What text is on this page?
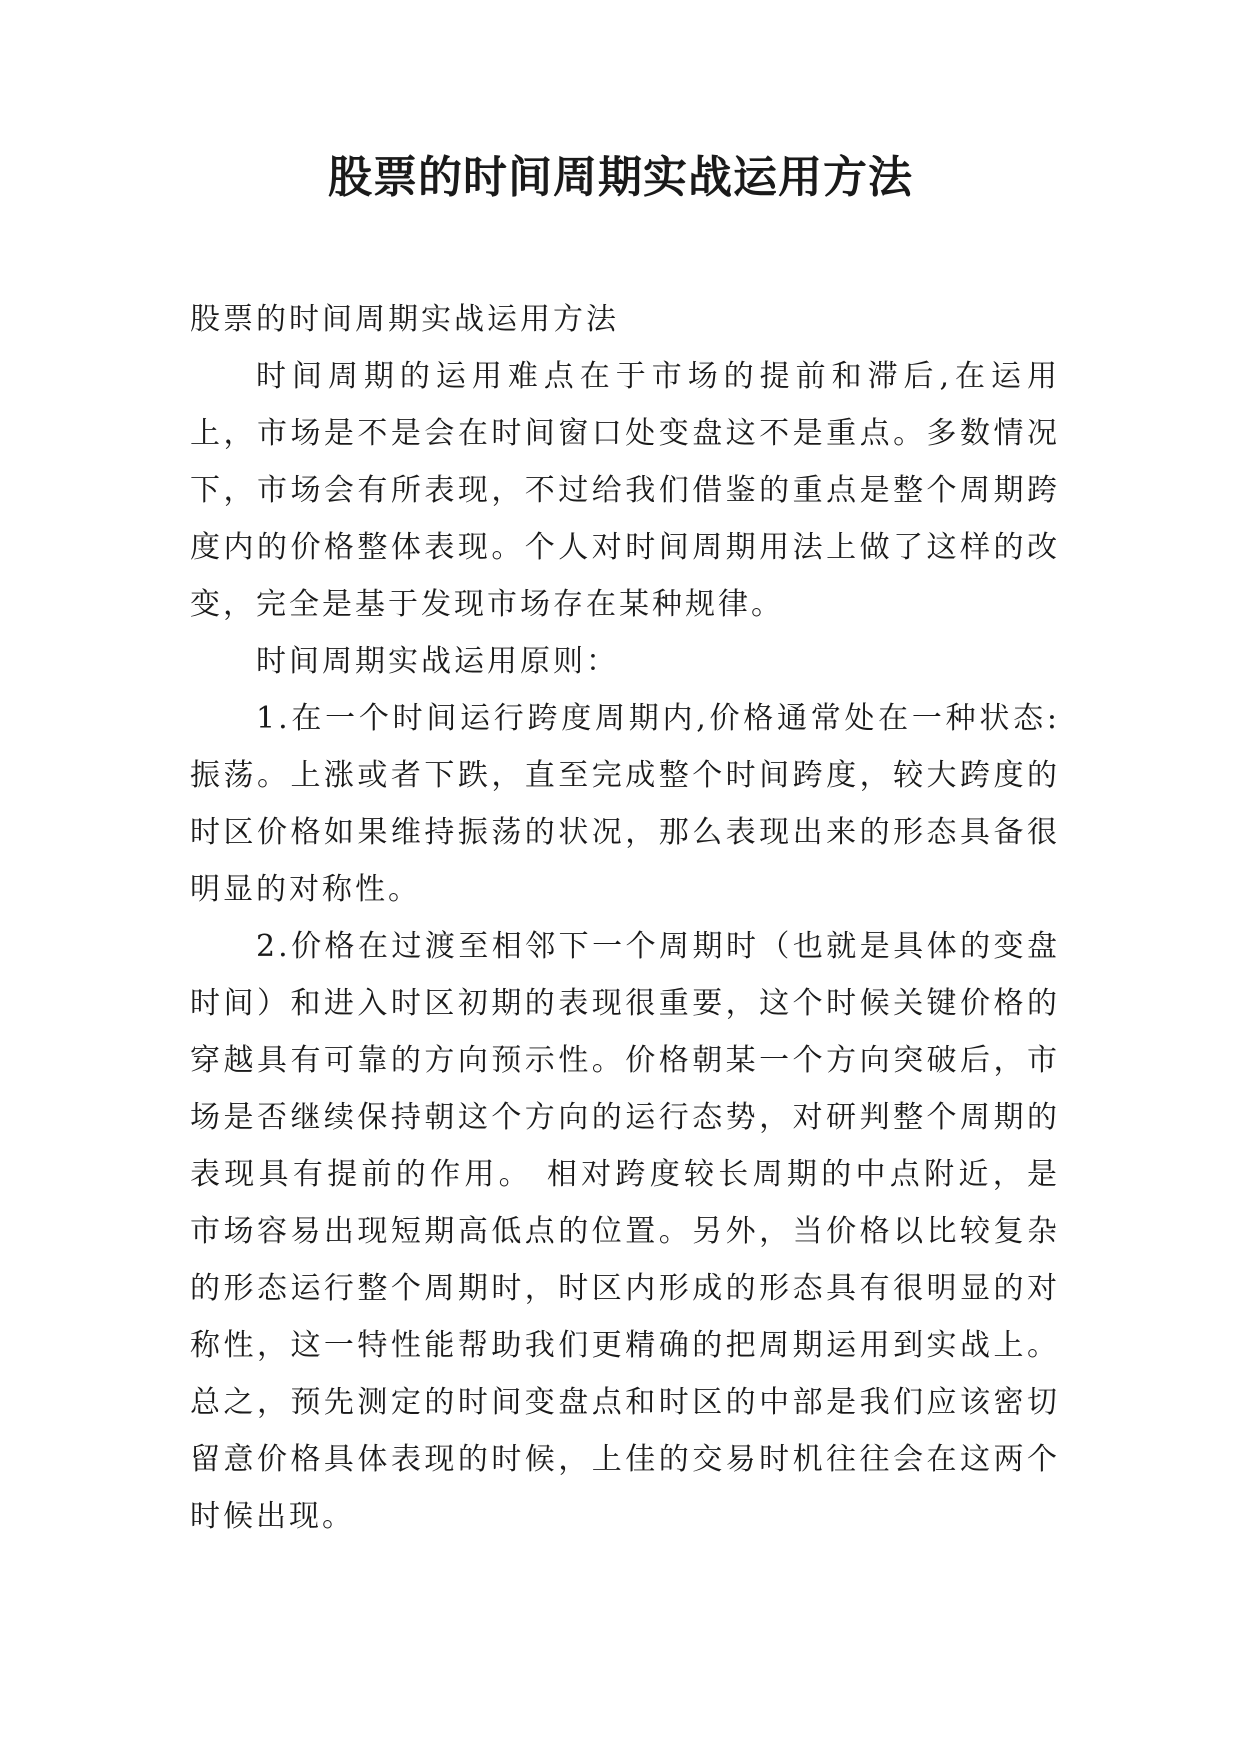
股票的时间周期实战运用方法

股票的时间周期实战运用方法

时间周期的运用难点在于市场的提前和滞后,在运用上，市场是不是会在时间窗口处变盘这不是重点。多数情况下，市场会有所表现，不过给我们借鉴的重点是整个周期跨度内的价格整体表现。个人对时间周期用法上做了这样的改变，完全是基于发现市场存在某种规律。

时间周期实战运用原则：

1.在一个时间运行跨度周期内,价格通常处在一种状态:振荡。上涨或者下跌，直至完成整个时间跨度，较大跨度的时区价格如果维持振荡的状况，那么表现出来的形态具备很明显的对称性。

2.价格在过渡至相邻下一个周期时（也就是具体的变盘时间）和进入时区初期的表现很重要，这个时候关键价格的穿越具有可靠的方向预示性。价格朝某一个方向突破后，市场是否继续保持朝这个方向的运行态势，对研判整个周期的表现具有提前的作用。 相对跨度较长周期的中点附近，是市场容易出现短期高低点的位置。另外，当价格以比较复杂的形态运行整个周期时，时区内形成的形态具有很明显的对称性，这一特性能帮助我们更精确的把周期运用到实战上。总之，预先测定的时间变盘点和时区的中部是我们应该密切留意价格具体表现的时候，上佳的交易时机往往会在这两个时候出现。
